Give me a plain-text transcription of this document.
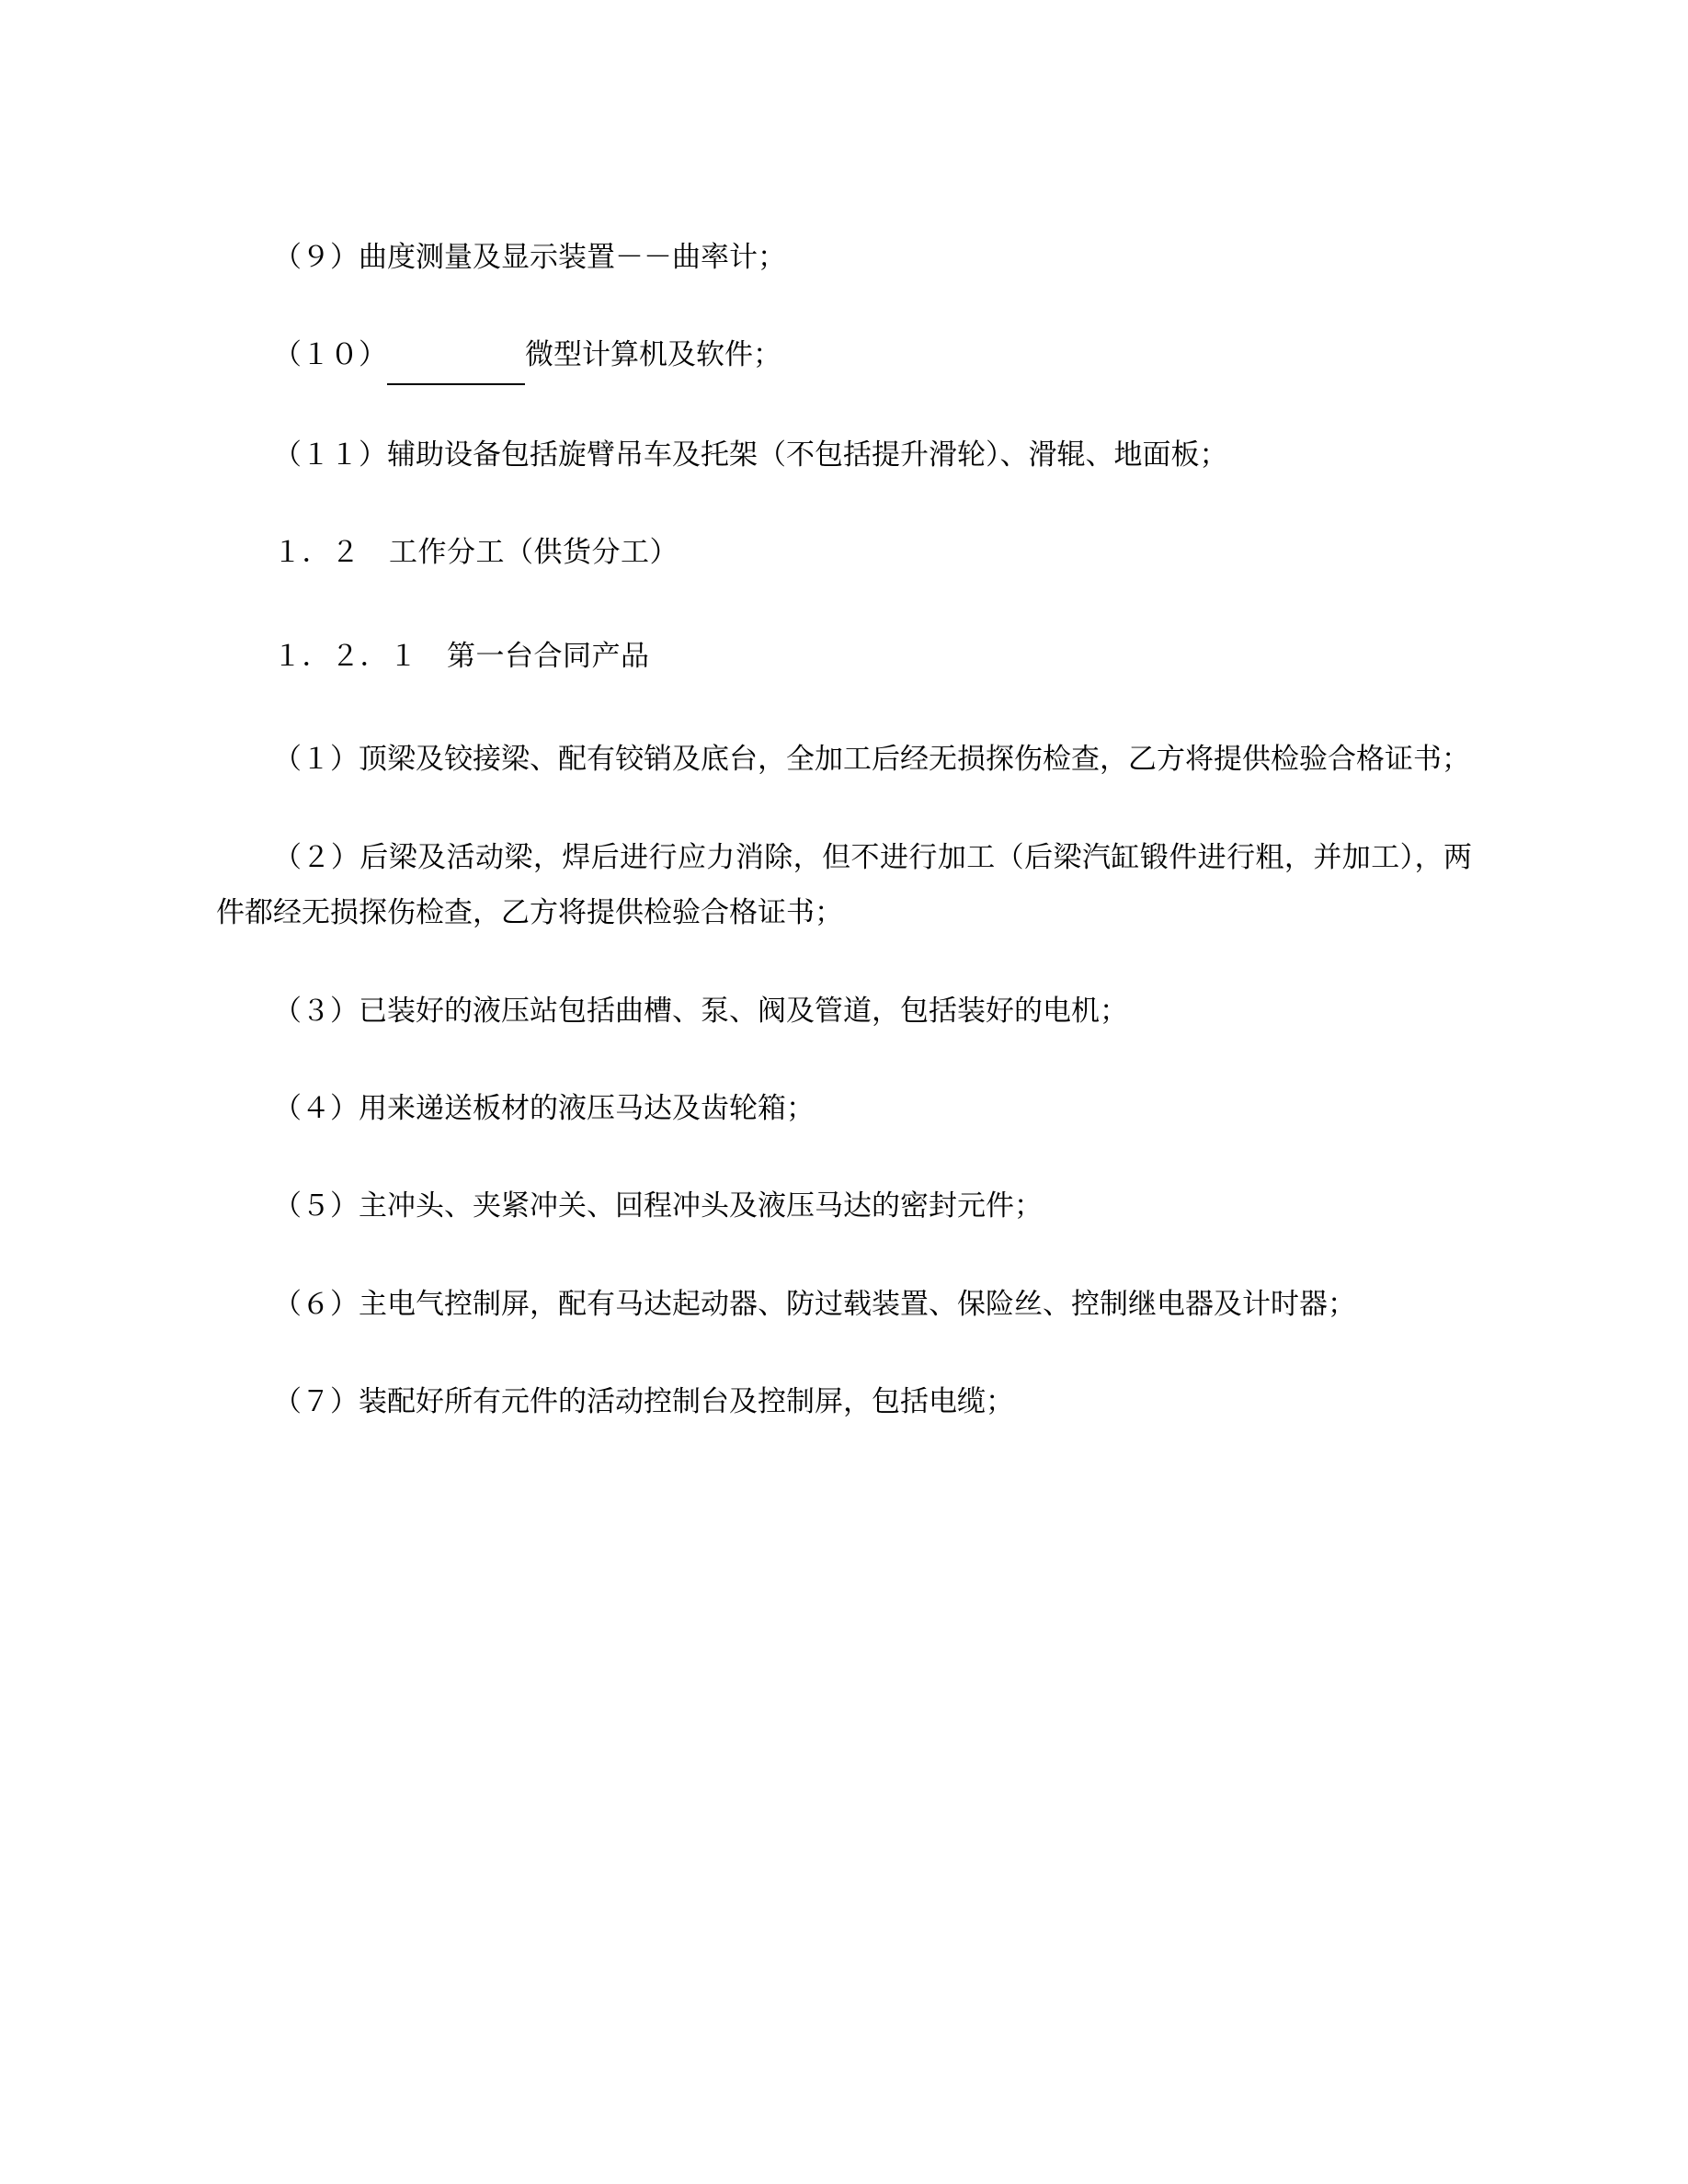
（９）曲度测量及显示装置－－曲率计；

（１０）	微型计算机及软件；

（１１）辅助设备包括旋臂吊车及托架（不包括提升滑轮）、滑辊、地面板；

１．２　工作分工（供货分工）

１．２．１　第一台合同产品

（１）顶梁及铰接梁、配有铰销及底台，全加工后经无损探伤检查，乙方将提供检验合格证书；

（２）后梁及活动梁，焊后进行应力消除，但不进行加工（后梁汽缸锻件进行粗，并加工），两件都经无损探伤检查，乙方将提供检验合格证书；

（３）已装好的液压站包括曲槽、泵、阀及管道，包括装好的电机；

（４）用来递送板材的液压马达及齿轮箱；

（５）主冲头、夹紧冲关、回程冲头及液压马达的密封元件；

（６）主电气控制屏，配有马达起动器、防过载装置、保险丝、控制继电器及计时器；

（７）装配好所有元件的活动控制台及控制屏，包括电缆；
